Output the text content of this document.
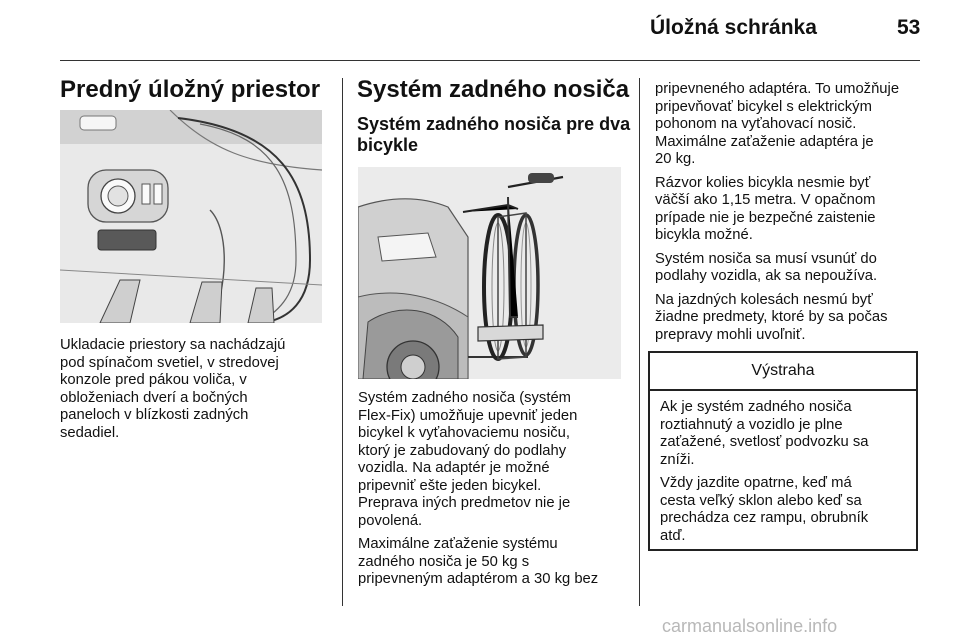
Úložná schránka	53
Predný úložný priestor
Ukladacie priestory sa nachádzajú
pod spínačom svetiel, v stredovej
konzole pred pákou voliča, v
obloženiach dverí a bočných
paneloch v blízkosti zadných
sedadiel.
Systém zadného nosiča
Systém zadného nosiča pre dva
bicykle
Systém zadného nosiča (systém
Flex-Fix) umožňuje upevniť jeden
bicykel k vyťahovaciemu nosiču,
ktorý je zabudovaný do podlahy
vozidla. Na adaptér je možné
pripevniť ešte jeden bicykel.
Preprava iných predmetov nie je
povolená.
Maximálne zaťaženie systému
zadného nosiča je 50 kg s
pripevneným adaptérom a 30 kg bez
pripevneného adaptéra. To umožňuje
pripevňovať bicykel s elektrickým
pohonom na vyťahovací nosič.
Maximálne zaťaženie adaptéra je
20 kg.
Rázvor kolies bicykla nesmie byť
väčší ako 1,15 metra. V opačnom
prípade nie je bezpečné zaistenie
bicykla možné.
Systém nosiča sa musí vsunúť do
podlahy vozidla, ak sa nepoužíva.
Na jazdných kolesách nesmú byť
žiadne predmety, ktoré by sa počas
prepravy mohli uvoľniť.
Výstraha
Ak je systém zadného nosiča
roztiahnutý a vozidlo je plne
zaťažené, svetlosť podvozku sa
zníži.
Vždy jazdite opatrne, keď má
cesta veľký sklon alebo keď sa
prechádza cez rampu, obrubník
atď.
carmanualsonline.info
